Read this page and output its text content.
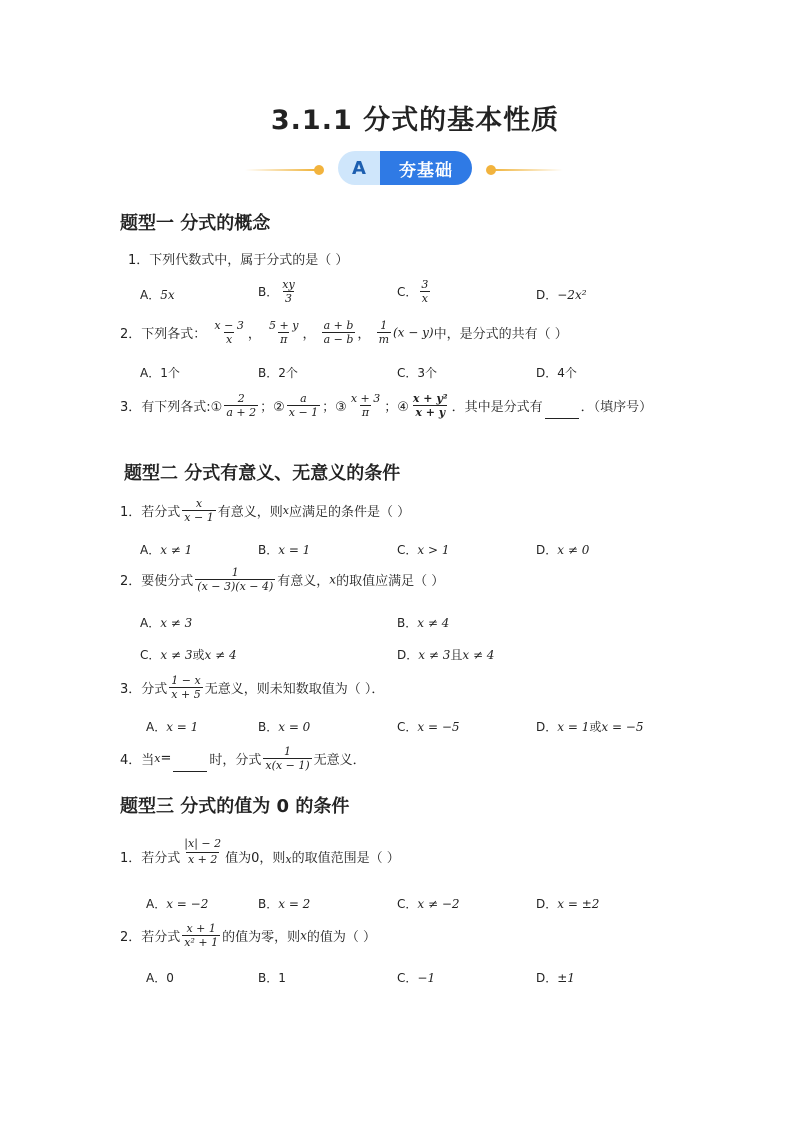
3.1.1 分式的基本性质
A	夯基础
题型一 分式的概念
1．下列代数式中，属于分式的是（ ）
A．5x	B． $\frac{xy}{3}$	C． $\frac{3}{x}$	D．−2x²
2．下列各式： $\frac{x - 3}{x}$ ， $\frac{5 + y}{\pi}$ ， $\frac{a + b}{a - b}$ ， $\frac{1}{m} (x - y)$中，是分式的共有（ ）
A．1个	B．2个	C．3个	D．4个
3．有下列各式:① $\frac{2}{a + 2}$ ；② $\frac{a}{x - 1}$ ；③ $\frac{x + 3}{\pi}$ ；④ $\frac{\text{x + y²}}{x + y}$ ．其中是分式有	．（填序号）
题型二 分式有意义、无意义的条件
1．若分式 $\frac{x}{x - 1}$ 有意义，则x应满足的条件是（ ）
A．x ≠ 1	B．x = 1	C．x > 1	D．x ≠ 0
2．要使分式 $\frac{1}{(x - 3)(x - 4)}$ 有意义，x的取值应满足（ ）
A．x ≠ 3	B．x ≠ 4
C．x ≠ 3或x ≠ 4	D．x ≠ 3且x ≠ 4
3．分式 $\frac{1 - x}{x + 5}$ 无意义，则未知数取值为（ ）．
A．x = 1	B．x = 0	C．x = −5	D．x = 1或x = −5
4．当x=	时，分式 $\frac{1}{x(x - 1)}$ 无意义．
题型三 分式的值为 0 的条件
1．若分式 $\frac{|x| - 2}{x + 2}$ 值为0，则x的取值范围是（ ）
A．x = −2	B．x = 2	C．x ≠ −2	D．x = ±2
2．若分式 $\frac{x + 1}{\text{x² + 1}}$ 的值为零，则x的值为（ ）
A．0	B．1	C．−1	D．±1
